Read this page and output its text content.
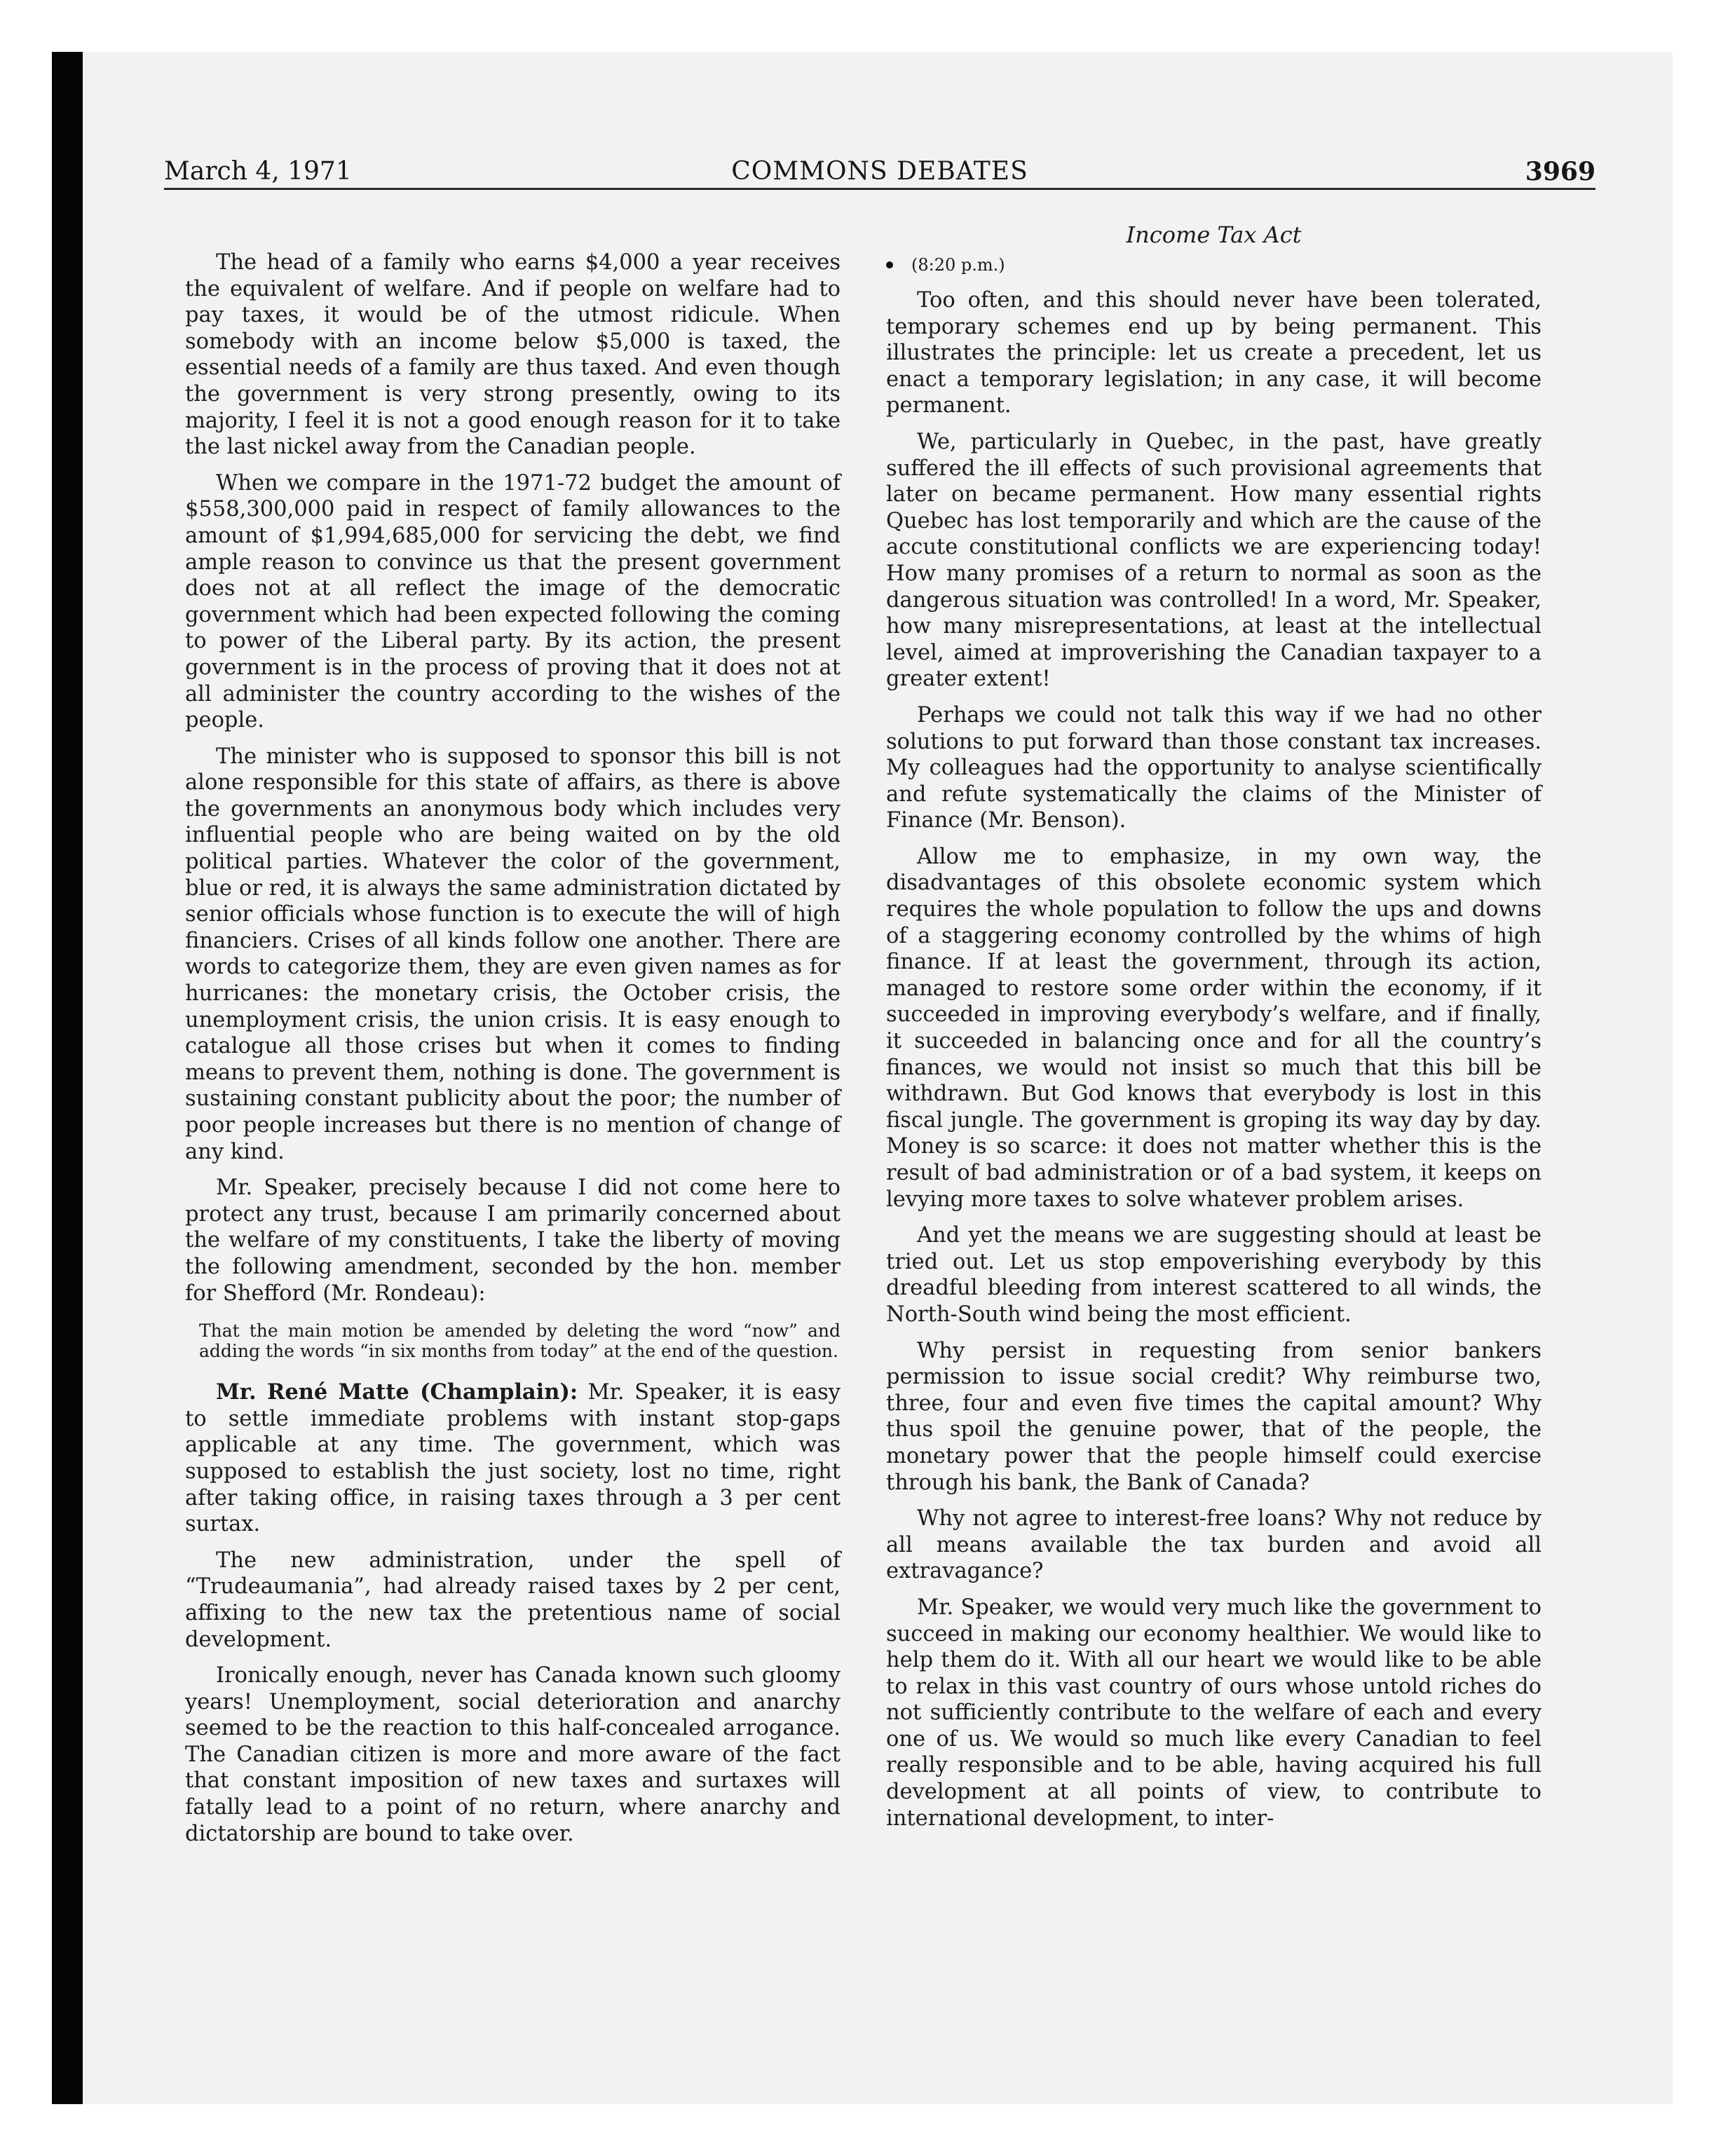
March 4, 1971	COMMONS DEBATES	3969

The head of a family who earns $4,000 a year receives the equivalent of welfare. And if people on welfare had to pay taxes, it would be of the utmost ridicule. When somebody with an income below $5,000 is taxed, the essential needs of a family are thus taxed. And even though the government is very strong presently, owing to its majority, I feel it is not a good enough reason for it to take the last nickel away from the Canadian people.

When we compare in the 1971-72 budget the amount of $558,300,000 paid in respect of family allowances to the amount of $1,994,685,000 for servicing the debt, we find ample reason to convince us that the present government does not at all reflect the image of the democratic government which had been expected following the coming to power of the Liberal party. By its action, the present government is in the process of proving that it does not at all administer the country according to the wishes of the people.

The minister who is supposed to sponsor this bill is not alone responsible for this state of affairs, as there is above the governments an anonymous body which includes very influential people who are being waited on by the old political parties. Whatever the color of the government, blue or red, it is always the same administration dictated by senior officials whose function is to execute the will of high financiers. Crises of all kinds follow one another. There are words to categorize them, they are even given names as for hurricanes: the monetary crisis, the October crisis, the unemployment crisis, the union crisis. It is easy enough to catalogue all those crises but when it comes to finding means to prevent them, nothing is done. The government is sustaining constant publicity about the poor; the number of poor people increases but there is no mention of change of any kind.

Mr. Speaker, precisely because I did not come here to protect any trust, because I am primarily concerned about the welfare of my constituents, I take the liberty of moving the following amendment, seconded by the hon. member for Shefford (Mr. Rondeau):

That the main motion be amended by deleting the word “now” and adding the words “in six months from today” at the end of the question.

Mr. René Matte (Champlain): Mr. Speaker, it is easy to settle immediate problems with instant stop-gaps applicable at any time. The government, which was supposed to establish the just society, lost no time, right after taking office, in raising taxes through a 3 per cent surtax.

The new administration, under the spell of “Trudeaumania”, had already raised taxes by 2 per cent, affixing to the new tax the pretentious name of social development.

Ironically enough, never has Canada known such gloomy years! Unemployment, social deterioration and anarchy seemed to be the reaction to this half-concealed arrogance. The Canadian citizen is more and more aware of the fact that constant imposition of new taxes and surtaxes will fatally lead to a point of no return, where anarchy and dictatorship are bound to take over.

Income Tax Act
(8:20 p.m.)

Too often, and this should never have been tolerated, temporary schemes end up by being permanent. This illustrates the principle: let us create a precedent, let us enact a temporary legislation; in any case, it will become permanent.

We, particularly in Quebec, in the past, have greatly suffered the ill effects of such provisional agreements that later on became permanent. How many essential rights Quebec has lost temporarily and which are the cause of the accute constitutional conflicts we are experiencing today! How many promises of a return to normal as soon as the dangerous situation was controlled! In a word, Mr. Speaker, how many misrepresentations, at least at the intellectual level, aimed at improverishing the Canadian taxpayer to a greater extent!

Perhaps we could not talk this way if we had no other solutions to put forward than those constant tax increases. My colleagues had the opportunity to analyse scientifically and refute systematically the claims of the Minister of Finance (Mr. Benson).

Allow me to emphasize, in my own way, the disadvantages of this obsolete economic system which requires the whole population to follow the ups and downs of a staggering economy controlled by the whims of high finance. If at least the government, through its action, managed to restore some order within the economy, if it succeeded in improving everybody’s welfare, and if finally, it succeeded in balancing once and for all the country’s finances, we would not insist so much that this bill be withdrawn. But God knows that everybody is lost in this fiscal jungle. The government is groping its way day by day. Money is so scarce: it does not matter whether this is the result of bad administration or of a bad system, it keeps on levying more taxes to solve whatever problem arises.

And yet the means we are suggesting should at least be tried out. Let us stop empoverishing everybody by this dreadful bleeding from interest scattered to all winds, the North-South wind being the most efficient.

Why persist in requesting from senior bankers permission to issue social credit? Why reimburse two, three, four and even five times the capital amount? Why thus spoil the genuine power, that of the people, the monetary power that the people himself could exercise through his bank, the Bank of Canada?

Why not agree to interest-free loans? Why not reduce by all means available the tax burden and avoid all extravagance?

Mr. Speaker, we would very much like the government to succeed in making our economy healthier. We would like to help them do it. With all our heart we would like to be able to relax in this vast country of ours whose untold riches do not sufficiently contribute to the welfare of each and every one of us. We would so much like every Canadian to feel really responsible and to be able, having acquired his full development at all points of view, to contribute to international development, to inter-
